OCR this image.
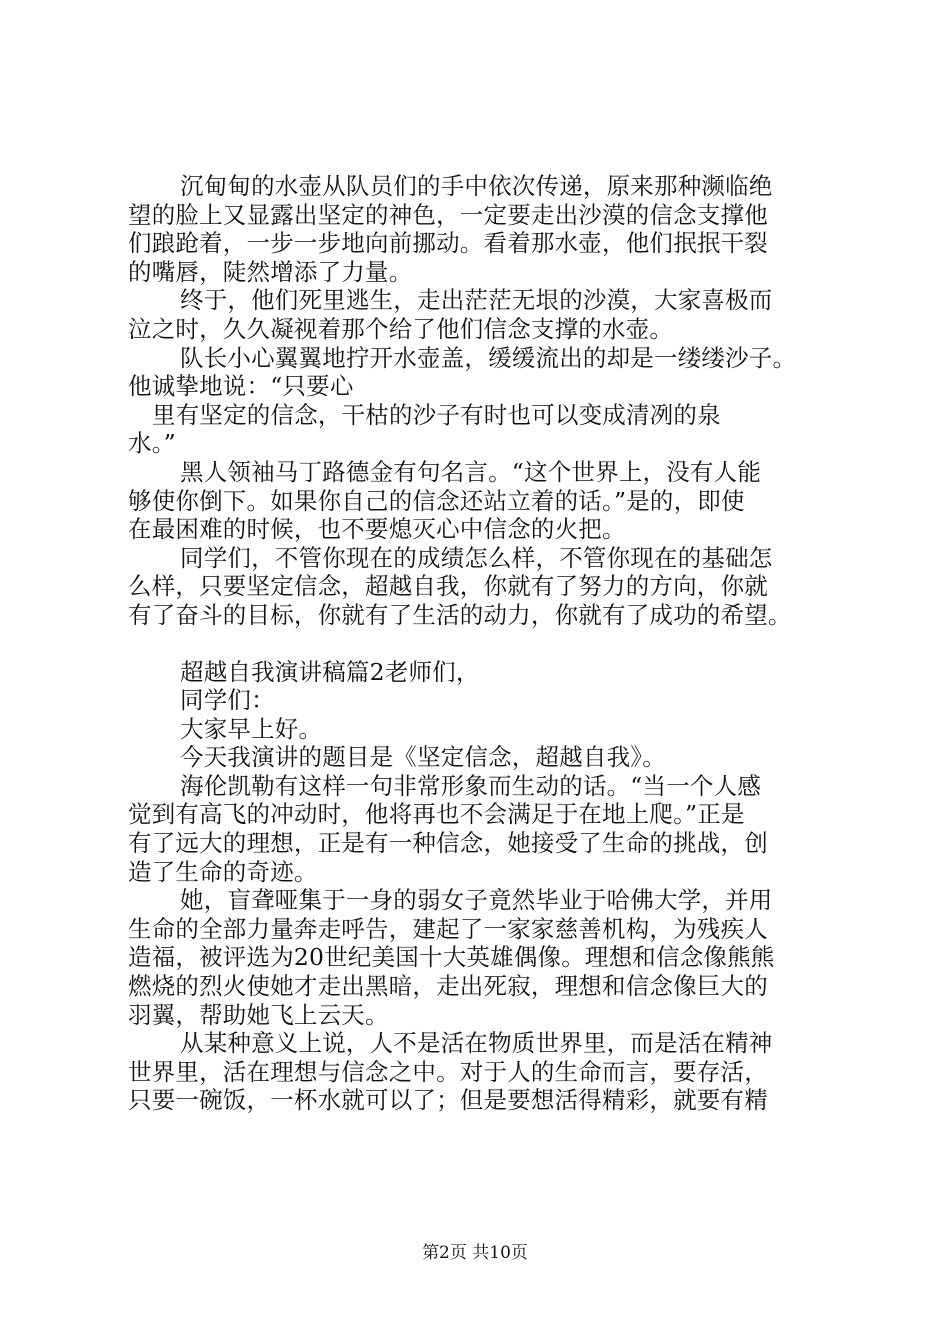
沉甸甸的水壶从队员们的手中依次传递，原来那种濒临绝
望的脸上又显露出坚定的神色，一定要走出沙漠的信念支撑他
们踉跄着，一步一步地向前挪动。看着那水壶，他们抿抿干裂
的嘴唇，陡然增添了力量。
终于，他们死里逃生，走出茫茫无垠的沙漠，大家喜极而
泣之时，久久凝视着那个给了他们信念支撑的水壶。
队长小心翼翼地拧开水壶盖，缓缓流出的却是一缕缕沙子。
他诚挚地说：“只要心
里有坚定的信念，干枯的沙子有时也可以变成清冽的泉
水。”
黑人领袖马丁路德金有句名言。“这个世界上，没有人能
够使你倒下。如果你自己的信念还站立着的话。”是的，即使
在最困难的时候，也不要熄灭心中信念的火把。
同学们，不管你现在的成绩怎么样，不管你现在的基础怎
么样，只要坚定信念，超越自我，你就有了努力的方向，你就
有了奋斗的目标，你就有了生活的动力，你就有了成功的希望。
超越自我演讲稿篇2老师们，
同学们：
大家早上好。
今天我演讲的题目是《坚定信念，超越自我》。
海伦凯勒有这样一句非常形象而生动的话。“当一个人感
觉到有高飞的冲动时，他将再也不会满足于在地上爬。”正是
有了远大的理想，正是有一种信念，她接受了生命的挑战，创
造了生命的奇迹。
她，盲聋哑集于一身的弱女子竟然毕业于哈佛大学，并用
生命的全部力量奔走呼告，建起了一家家慈善机构，为残疾人
造福，被评选为20世纪美国十大英雄偶像。理想和信念像熊熊
燃烧的烈火使她才走出黑暗，走出死寂，理想和信念像巨大的
羽翼，帮助她飞上云天。
从某种意义上说，人不是活在物质世界里，而是活在精神
世界里，活在理想与信念之中。对于人的生命而言，要存活，
只要一碗饭，一杯水就可以了；但是要想活得精彩，就要有精
第2页 共10页
